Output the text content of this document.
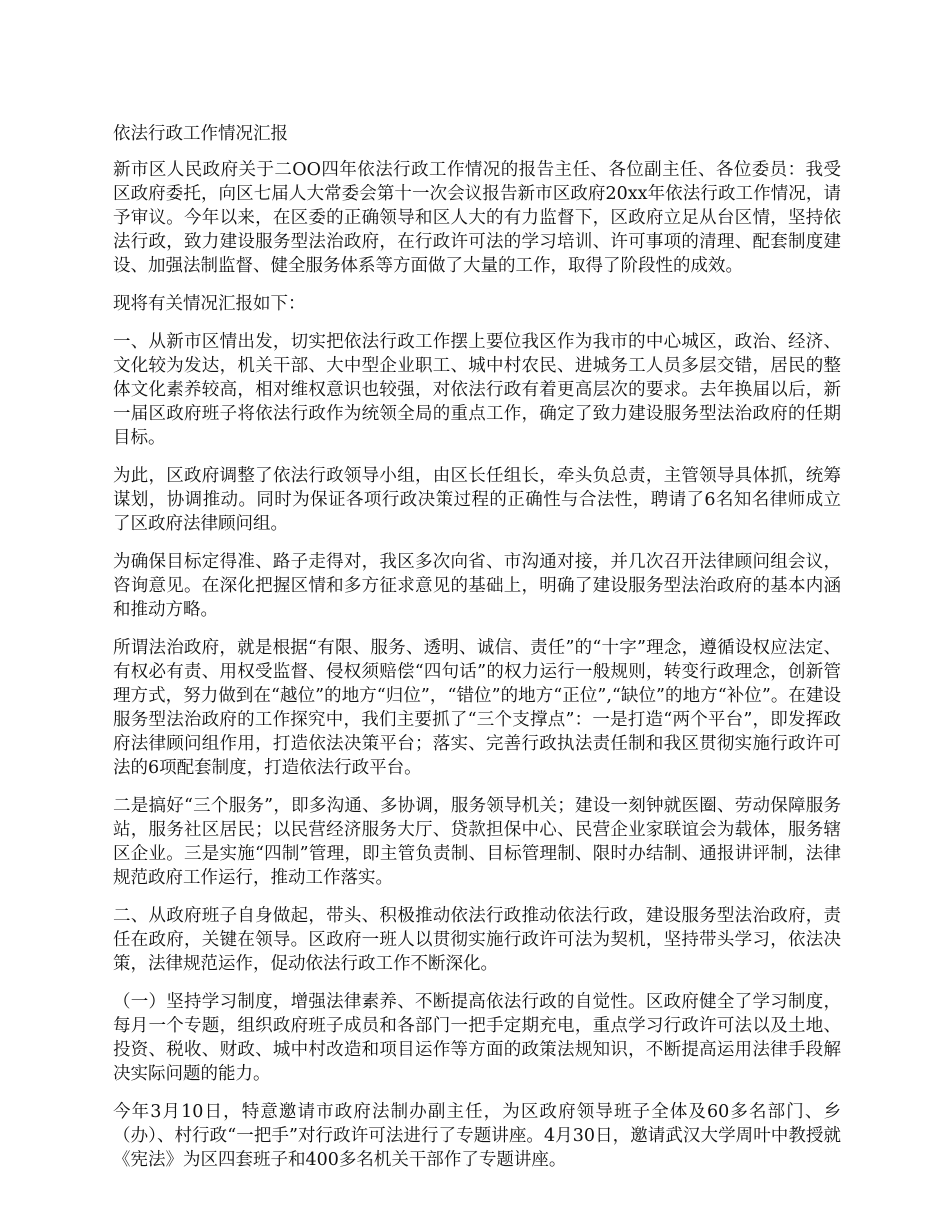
依法行政工作情况汇报

新市区人民政府关于二OO四年依法行政工作情况的报告主任、各位副主任、各位委员：我受区政府委托，向区七届人大常委会第十一次会议报告新市区政府20xx年依法行政工作情况，请予审议。今年以来，在区委的正确领导和区人大的有力监督下，区政府立足从台区情，坚持依法行政，致力建设服务型法治政府，在行政许可法的学习培训、许可事项的清理、配套制度建设、加强法制监督、健全服务体系等方面做了大量的工作，取得了阶段性的成效。

现将有关情况汇报如下：

一、从新市区情出发，切实把依法行政工作摆上要位我区作为我市的中心城区，政治、经济、文化较为发达，机关干部、大中型企业职工、城中村农民、进城务工人员多层交错，居民的整体文化素养较高，相对维权意识也较强，对依法行政有着更高层次的要求。去年换届以后，新一届区政府班子将依法行政作为统领全局的重点工作，确定了致力建设服务型法治政府的任期目标。

为此，区政府调整了依法行政领导小组，由区长任组长，牵头负总责，主管领导具体抓，统筹谋划，协调推动。同时为保证各项行政决策过程的正确性与合法性，聘请了6名知名律师成立了区政府法律顾问组。

为确保目标定得准、路子走得对，我区多次向省、市沟通对接，并几次召开法律顾问组会议，咨询意见。在深化把握区情和多方征求意见的基础上，明确了建设服务型法治政府的基本内涵和推动方略。

所谓法治政府，就是根据“有限、服务、透明、诚信、责任”的“十字”理念，遵循设权应法定、有权必有责、用权受监督、侵权须赔偿“四句话”的权力运行一般规则，转变行政理念，创新管理方式，努力做到在“越位”的地方“归位”，“错位”的地方“正位”,“缺位”的地方“补位”。在建设服务型法治政府的工作探究中，我们主要抓了“三个支撑点”：一是打造“两个平台”，即发挥政府法律顾问组作用，打造依法决策平台；落实、完善行政执法责任制和我区贯彻实施行政许可法的6项配套制度，打造依法行政平台。

二是搞好“三个服务”，即多沟通、多协调，服务领导机关；建设一刻钟就医圈、劳动保障服务站，服务社区居民；以民营经济服务大厅、贷款担保中心、民营企业家联谊会为载体，服务辖区企业。三是实施“四制”管理，即主管负责制、目标管理制、限时办结制、通报讲评制，法律规范政府工作运行，推动工作落实。

二、从政府班子自身做起，带头、积极推动依法行政推动依法行政，建设服务型法治政府，责任在政府，关键在领导。区政府一班人以贯彻实施行政许可法为契机，坚持带头学习，依法决策，法律规范运作，促动依法行政工作不断深化。

（一）坚持学习制度，增强法律素养、不断提高依法行政的自觉性。区政府健全了学习制度，每月一个专题，组织政府班子成员和各部门一把手定期充电，重点学习行政许可法以及土地、投资、税收、财政、城中村改造和项目运作等方面的政策法规知识，不断提高运用法律手段解决实际问题的能力。

今年3月10日，特意邀请市政府法制办副主任，为区政府领导班子全体及60多名部门、乡（办）、村行政“一把手”对行政许可法进行了专题讲座。4月30日，邀请武汉大学周叶中教授就《宪法》为区四套班子和400多名机关干部作了专题讲座。
